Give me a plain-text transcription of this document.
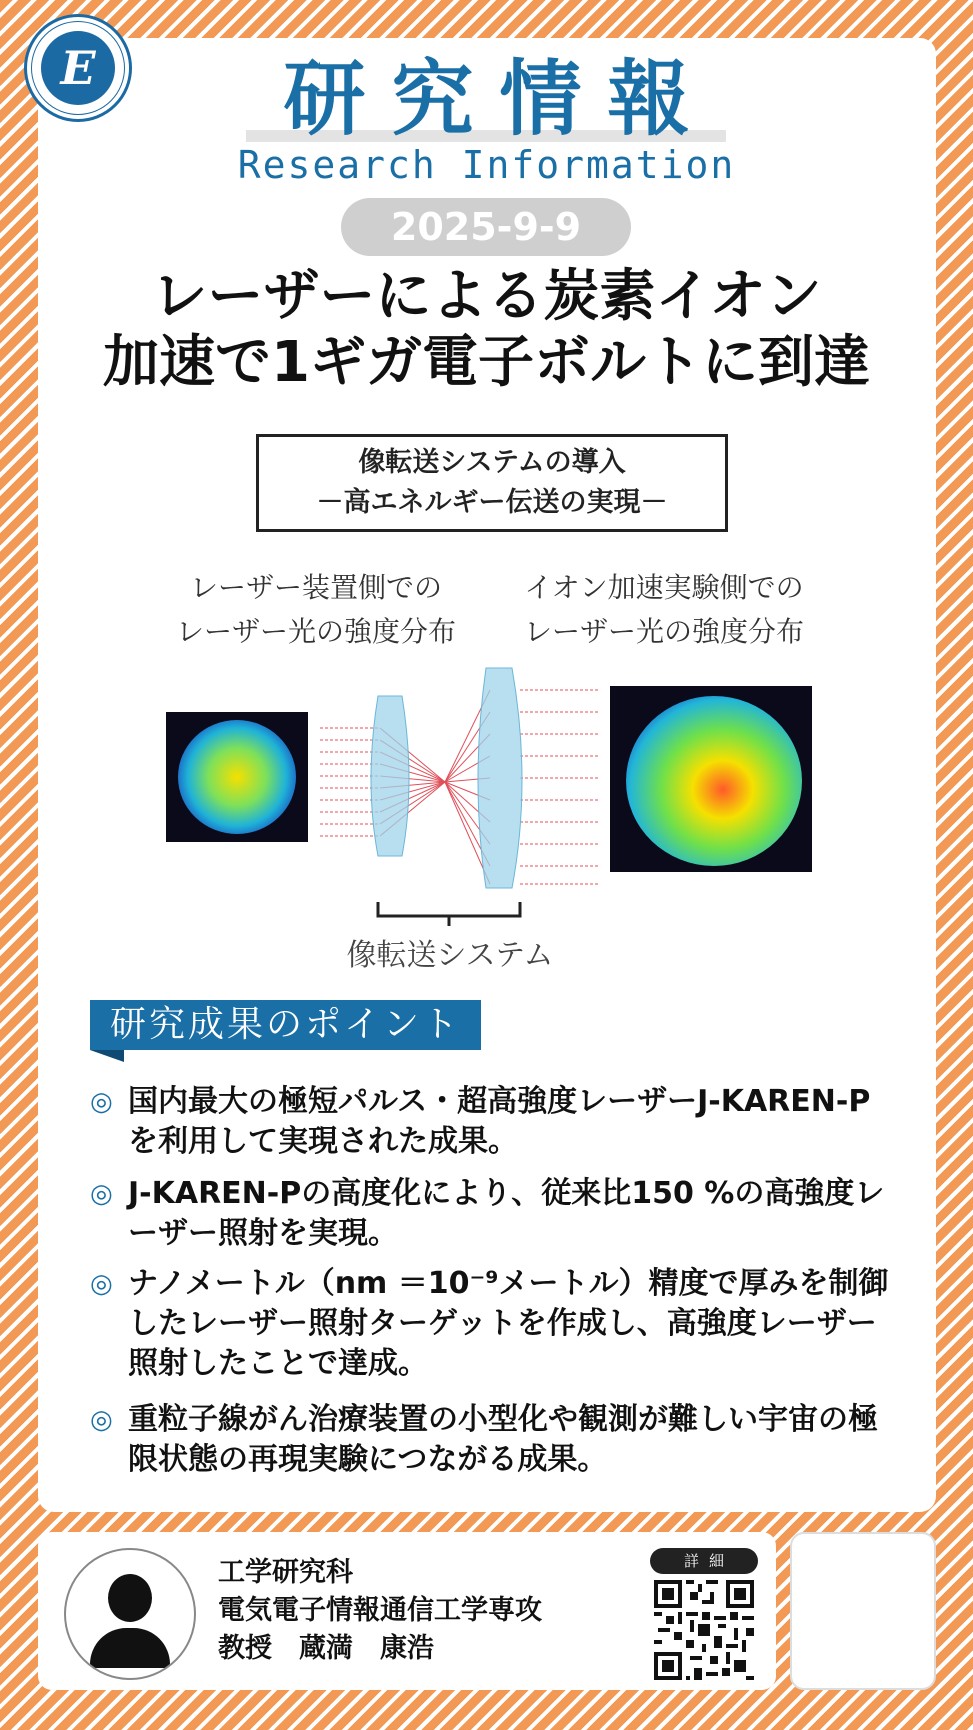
E	研究情報
Research Information
2025-9-9
レーザーによる炭素イオン
加速で1ギガ電子ボルトに到達
像転送システムの導入
－高エネルギー伝送の実現－
レーザー装置側での
レーザー光の強度分布
イオン加速実験側での
レーザー光の強度分布
像転送システム
研究成果のポイント
◎ 国内最大の極短パルス・超高強度レーザーJ-KAREN-Pを利用して実現された成果。
◎ J-KAREN-Pの高度化により、従来比150 %の高強度レーザー照射を実現。
◎ ナノメートル（nm ＝10⁻⁹メートル）精度で厚みを制御したレーザー照射ターゲットを作成し、高強度レーザー照射したことで達成。
◎ 重粒子線がん治療装置の小型化や観測が難しい宇宙の極限状態の再現実験につながる成果。
工学研究科
電気電子情報通信工学専攻
教授　蔵満　康浩
詳細
